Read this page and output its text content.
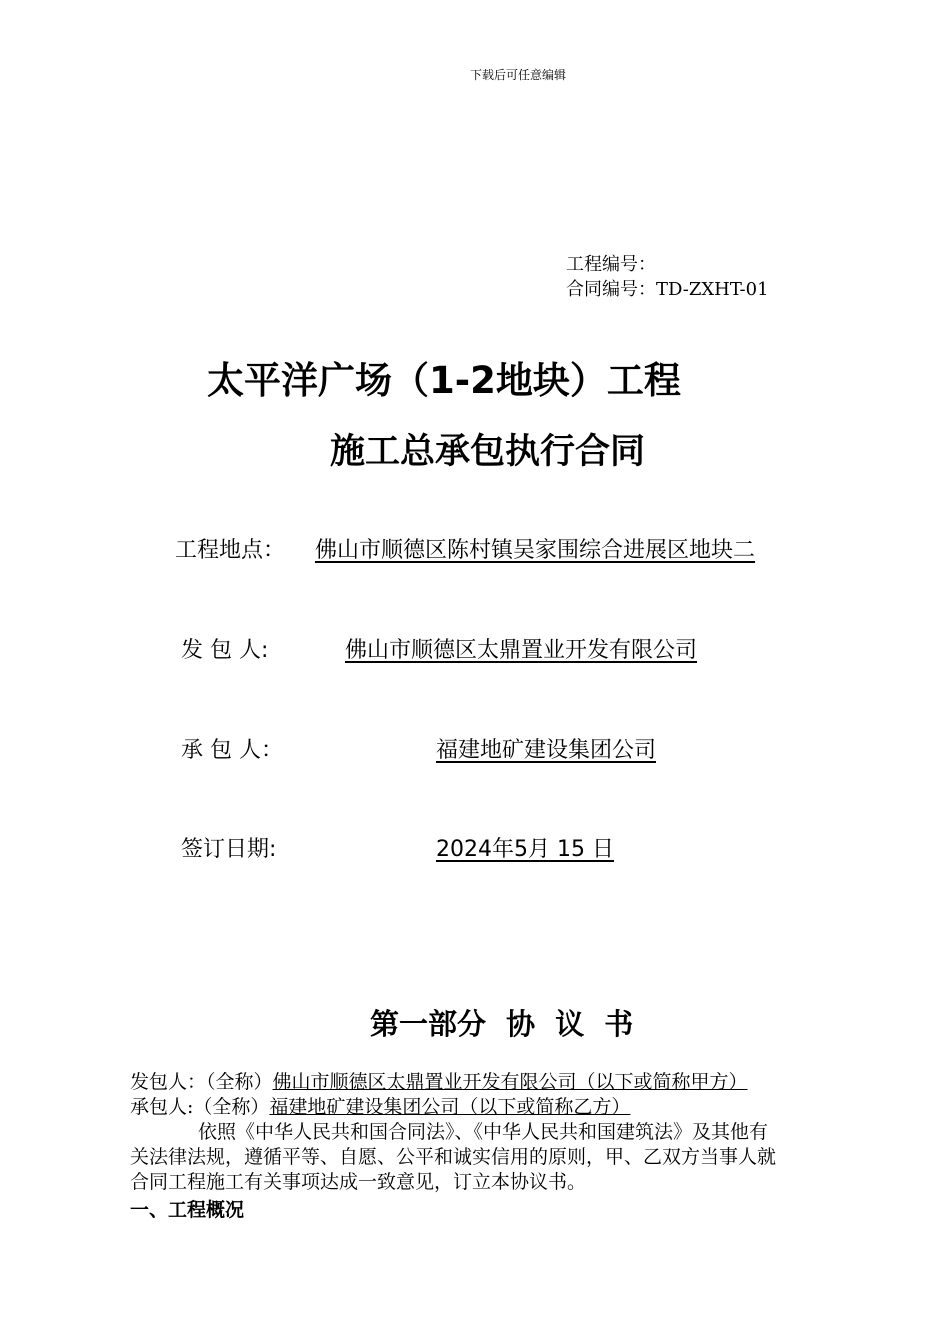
下载后可任意编辑
工程编号：
合同编号：TD-ZXHT-01
太平洋广场（1-2地块）工程
施工总承包执行合同
工程地点： 佛山市顺德区陈村镇吴家围综合进展区地块二
发 包 人:	佛山市顺德区太鼎置业开发有限公司
承 包 人：	福建地矿建设集团公司
签订日期:	2024年5月 15 日
第一部分 协 议 书
发包人：（全称）佛山市顺德区太鼎置业开发有限公司（以下或简称甲方）
承包人:（全称）福建地矿建设集团公司（以下或简称乙方）
依照《中华人民共和国合同法》、《中华人民共和国建筑法》及其他有
关法律法规，遵循平等、自愿、公平和诚实信用的原则，甲、乙双方当事人就
合同工程施工有关事项达成一致意见，订立本协议书。
一、工程概况
